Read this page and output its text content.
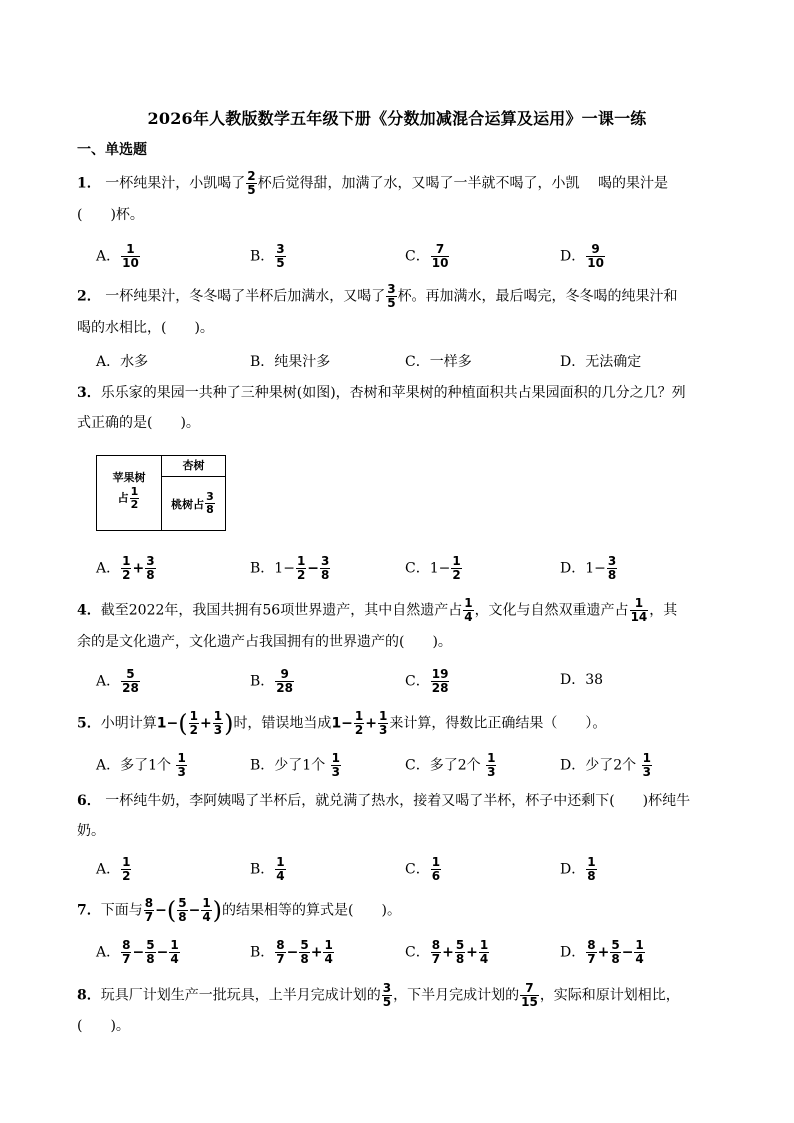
2026年人教版数学五年级下册《分数加减混合运算及运用》一课一练
一、单选题
1． 一杯纯果汁，小凯喝了 $\frac{2}{5}$ 杯后觉得甜，加满了水，又喝了一半就不喝了，小凯　 喝的果汁是
(　　)杯。
A． $\frac{1}{10}$	B． $\frac{3}{5}$	C． $\frac{7}{10}$	D． $\frac{9}{10}$
2． 一杯纯果汁，冬冬喝了半杯后加满水，又喝了 $\frac{3}{5}$ 杯。再加满水，最后喝完，冬冬喝的纯果汁和
喝的水相比，(　　)。
A．水多	B．纯果汁多	C．一样多	D．无法确定
3．乐乐家的果园一共种了三种果树(如图)，杏树和苹果树的种植面积共占果园面积的几分之几？列
式正确的是(　　)。
苹果树
占 $\frac{1}{2}$
杏树
桃树占 $\frac{3}{8}$
A． $\frac{1}{2} + \frac{3}{8}$	B．$1- \frac{1}{2} - \frac{3}{8}$	C．$1- \frac{1}{2}$	D．$1- \frac{3}{8}$
4．截至2022年，我国共拥有56项世界遗产，其中自然遗产占 $\frac{1}{4}$ ，文化与自然双重遗产占 $\frac{1}{14}$ ，其
余的是文化遗产，文化遗产占我国拥有的世界遗产的(　　)。
A． $\frac{5}{28}$	B． $\frac{9}{28}$	C． $\frac{19}{28}$	D．38
5．小明计算$1-( \frac{1}{2} + \frac{1}{3}$ )时，错误地当成$1- \frac{1}{2} + \frac{1}{3}$ 来计算，得数比正确结果（　　）。
A．多了1个 $\frac{1}{3}$	B．少了1个 $\frac{1}{3}$	C．多了2个 $\frac{1}{3}$	D．少了2个 $\frac{1}{3}$
6． 一杯纯牛奶，李阿姨喝了半杯后，就兑满了热水，接着又喝了半杯，杯子中还剩下(　　)杯纯牛
奶。
A． $\frac{1}{2}$	B． $\frac{1}{4}$	C． $\frac{1}{6}$	D． $\frac{1}{8}$
7．下面与 $\frac{8}{7}$ −( $\frac{5}{8} - \frac{1}{4}$ )的结果相等的算式是(　　)。
A． $\frac{8}{7} - \frac{5}{8} - \frac{1}{4}$	B． $\frac{8}{7} - \frac{5}{8} + \frac{1}{4}$	C． $\frac{8}{7} + \frac{5}{8} + \frac{1}{4}$	D． $\frac{8}{7} + \frac{5}{8} - \frac{1}{4}$
8．玩具厂计划生产一批玩具，上半月完成计划的 $\frac{3}{5}$ ，下半月完成计划的 $\frac{7}{15}$ ，实际和原计划相比，
(　　)。
